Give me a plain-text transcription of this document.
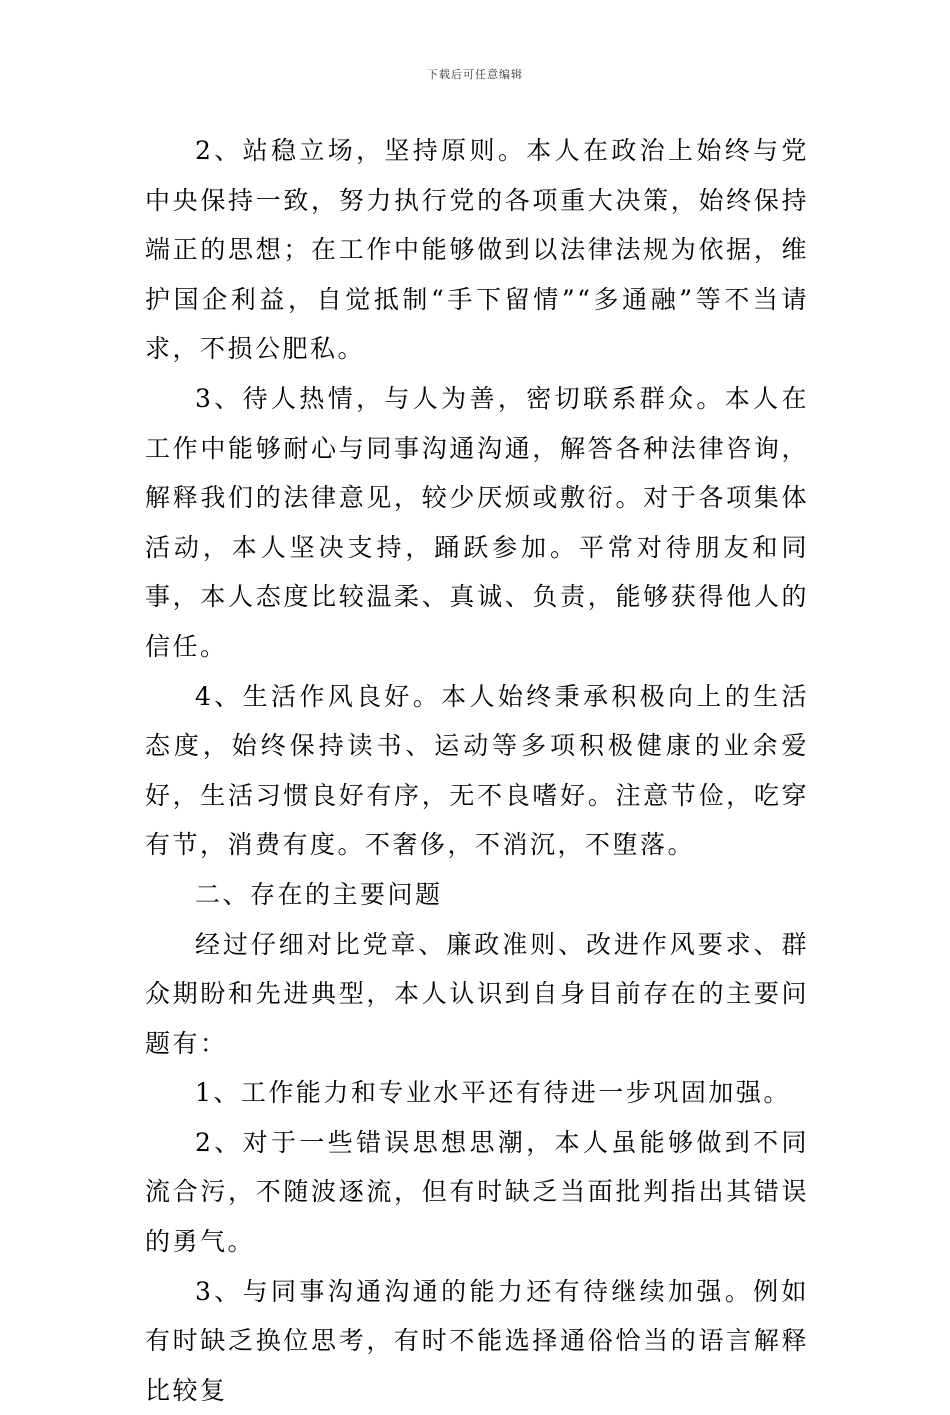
下载后可任意编辑

2、站稳立场，坚持原则。本人在政治上始终与党中央保持一致，努力执行党的各项重大决策，始终保持端正的思想；在工作中能够做到以法律法规为依据，维护国企利益，自觉抵制“手下留情”“多通融”等不当请求，不损公肥私。

3、待人热情，与人为善，密切联系群众。本人在工作中能够耐心与同事沟通沟通，解答各种法律咨询，解释我们的法律意见，较少厌烦或敷衍。对于各项集体活动，本人坚决支持，踊跃参加。平常对待朋友和同事，本人态度比较温柔、真诚、负责，能够获得他人的信任。

4、生活作风良好。本人始终秉承积极向上的生活态度，始终保持读书、运动等多项积极健康的业余爱好，生活习惯良好有序，无不良嗜好。注意节俭，吃穿有节，消费有度。不奢侈，不消沉，不堕落。

二、存在的主要问题

经过仔细对比党章、廉政准则、改进作风要求、群众期盼和先进典型，本人认识到自身目前存在的主要问题有：

1、工作能力和专业水平还有待进一步巩固加强。

2、对于一些错误思想思潮，本人虽能够做到不同流合污，不随波逐流，但有时缺乏当面批判指出其错误的勇气。

3、与同事沟通沟通的能力还有待继续加强。例如有时缺乏换位思考，有时不能选择通俗恰当的语言解释比较复
